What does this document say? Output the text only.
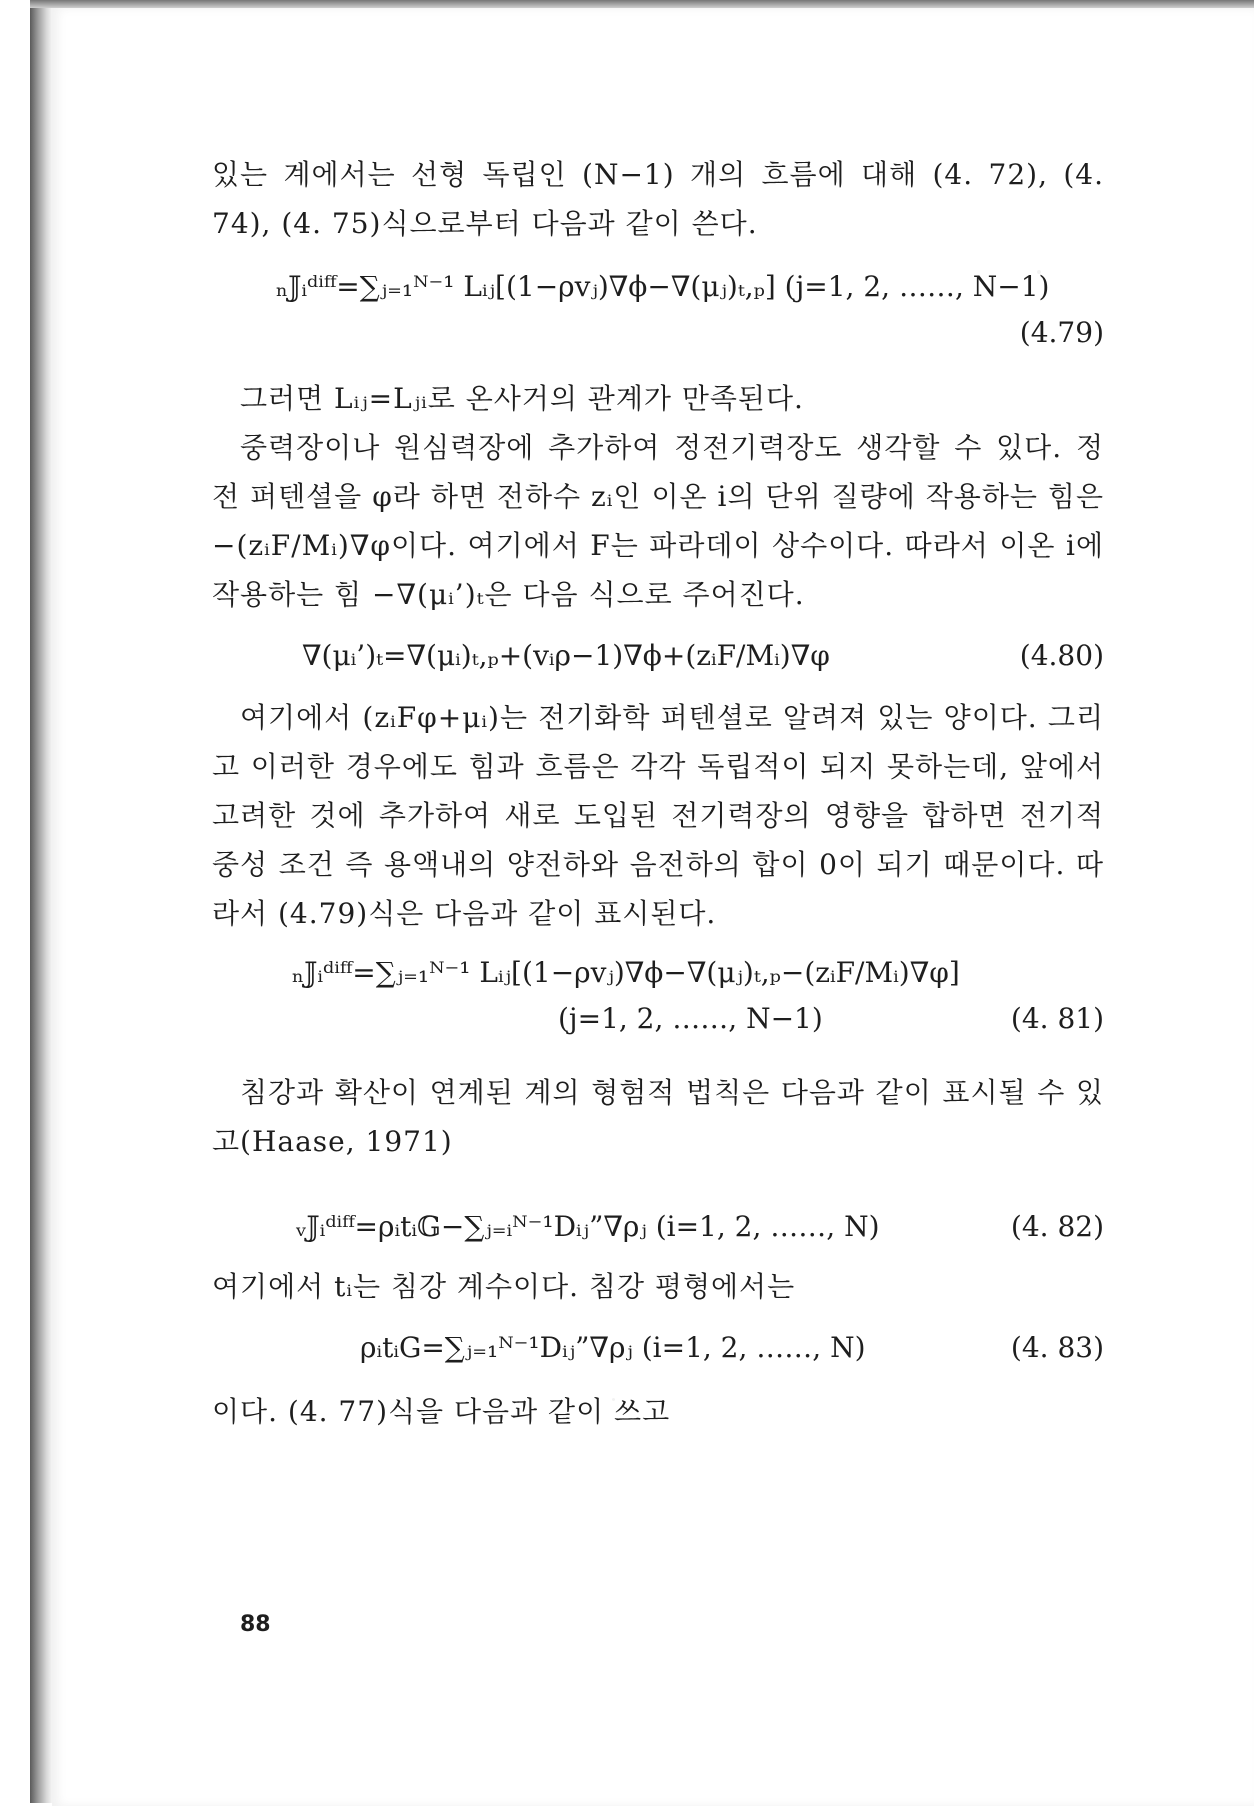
있는 계에서는 선형 독립인 (N−1) 개의 흐름에 대해 (4. 72), (4. 74), (4. 75)식으로부터 다음과 같이 쓴다.

ₙ𝕁ᵢᵈⁱᶠᶠ=∑ⱼ₌₁ᴺ⁻¹ Lᵢⱼ[(1−ρvⱼ)∇ϕ−∇(μⱼ)ₜ,ₚ] (j=1, 2, ……, N−1)
(4.79)

그러면 Lᵢⱼ=Lⱼᵢ로 온사거의 관계가 만족된다.

중력장이나 원심력장에 추가하여 정전기력장도 생각할 수 있다. 정전 퍼텐셜을 φ라 하면 전하수 zᵢ인 이온 i의 단위 질량에 작용하는 힘은 −(zᵢF/Mᵢ)∇φ이다. 여기에서 F는 파라데이 상수이다. 따라서 이온 i에 작용하는 힘 −∇(μᵢ’)ₜ은 다음 식으로 주어진다.

∇(μᵢ’)ₜ=∇(μᵢ)ₜ,ₚ+(vᵢρ−1)∇ϕ+(zᵢF/Mᵢ)∇φ	(4.80)

여기에서 (zᵢFφ+μᵢ)는 전기화학 퍼텐셜로 알려져 있는 양이다. 그리고 이러한 경우에도 힘과 흐름은 각각 독립적이 되지 못하는데, 앞에서 고려한 것에 추가하여 새로 도입된 전기력장의 영향을 합하면 전기적 중성 조건 즉 용액내의 양전하와 음전하의 합이 0이 되기 때문이다. 따라서 (4.79)식은 다음과 같이 표시된다.

ₙ𝕁ᵢᵈⁱᶠᶠ=∑ⱼ₌₁ᴺ⁻¹ Lᵢⱼ[(1−ρvⱼ)∇ϕ−∇(μⱼ)ₜ,ₚ−(zᵢF/Mᵢ)∇φ]
(j=1, 2, ……, N−1)	(4. 81)

침강과 확산이 연계된 계의 형험적 법칙은 다음과 같이 표시될 수 있고(Haase, 1971)

ᵥ𝕁ᵢᵈⁱᶠᶠ=ρᵢtᵢ𝔾−∑ⱼ₌ᵢᴺ⁻¹Dᵢⱼ”∇ρⱼ (i=1, 2, ……, N)	(4. 82)

여기에서 tᵢ는 침강 계수이다. 침강 평형에서는

ρᵢtᵢG=∑ⱼ₌₁ᴺ⁻¹Dᵢⱼ”∇ρⱼ (i=1, 2, ……, N)	(4. 83)

이다. (4. 77)식을 다음과 같이 쓰고

88
